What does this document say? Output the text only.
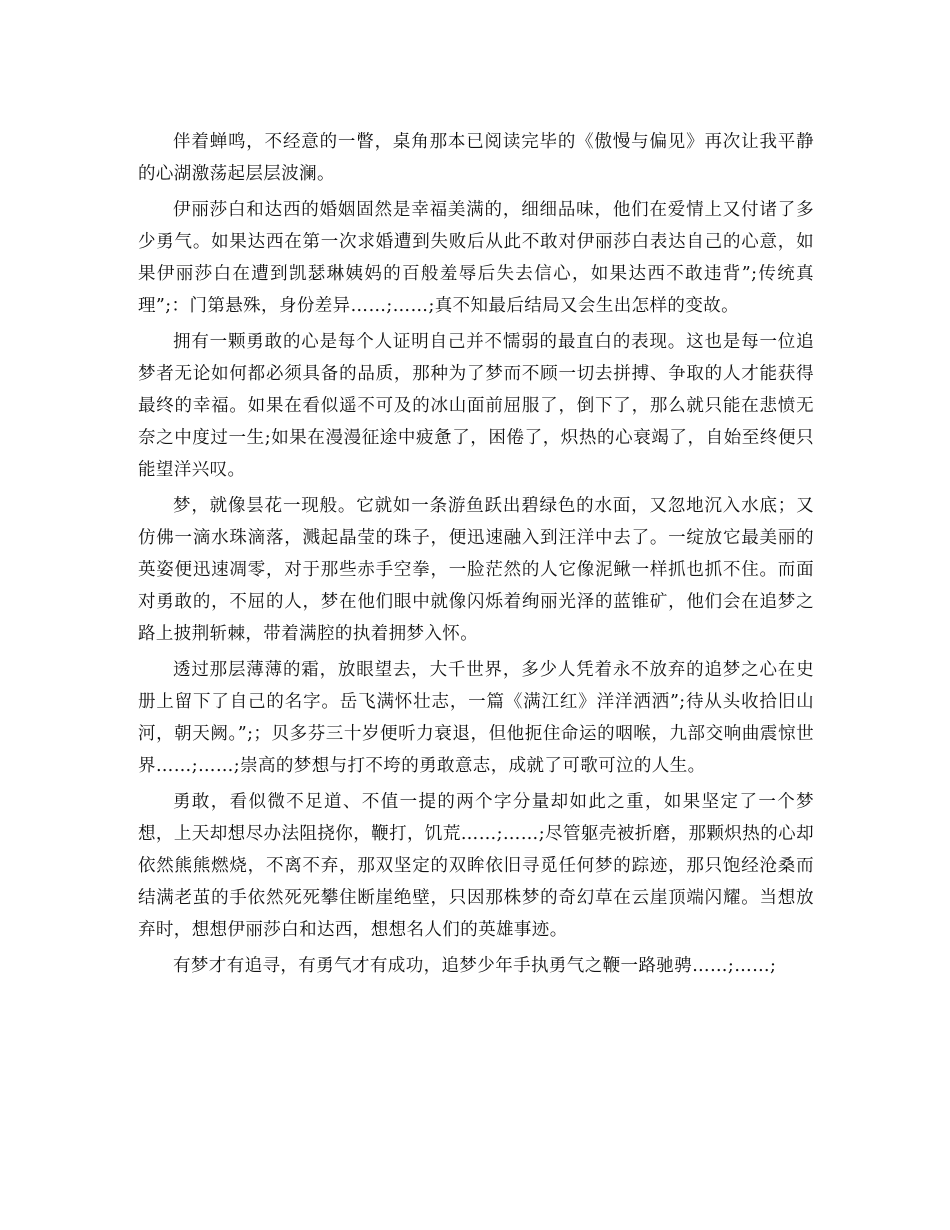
伴着蝉鸣，不经意的一瞥，桌角那本已阅读完毕的《傲慢与偏见》再次让我平静的心湖激荡起层层波澜。

伊丽莎白和达西的婚姻固然是幸福美满的，细细品味，他们在爱情上又付诸了多少勇气。如果达西在第一次求婚遭到失败后从此不敢对伊丽莎白表达自己的心意，如果伊丽莎白在遭到凯瑟琳姨妈的百般羞辱后失去信心，如果达西不敢违背”;传统真理”;：门第悬殊，身份差异……;……;真不知最后结局又会生出怎样的变故。

拥有一颗勇敢的心是每个人证明自己并不懦弱的最直白的表现。这也是每一位追梦者无论如何都必须具备的品质，那种为了梦而不顾一切去拼搏、争取的人才能获得最终的幸福。如果在看似遥不可及的冰山面前屈服了，倒下了，那么就只能在悲愤无奈之中度过一生;如果在漫漫征途中疲惫了，困倦了，炽热的心衰竭了，自始至终便只能望洋兴叹。

梦，就像昙花一现般。它就如一条游鱼跃出碧绿色的水面，又忽地沉入水底；又仿佛一滴水珠滴落，溅起晶莹的珠子，便迅速融入到汪洋中去了。一绽放它最美丽的英姿便迅速凋零，对于那些赤手空拳，一脸茫然的人它像泥鳅一样抓也抓不住。而面对勇敢的，不屈的人，梦在他们眼中就像闪烁着绚丽光泽的蓝锥矿，他们会在追梦之路上披荆斩棘，带着满腔的执着拥梦入怀。

透过那层薄薄的霜，放眼望去，大千世界，多少人凭着永不放弃的追梦之心在史册上留下了自己的名字。岳飞满怀壮志，一篇《满江红》洋洋洒洒”;待从头收拾旧山河，朝天阙。”;；贝多芬三十岁便听力衰退，但他扼住命运的咽喉，九部交响曲震惊世界……;……;崇高的梦想与打不垮的勇敢意志，成就了可歌可泣的人生。

勇敢，看似微不足道、不值一提的两个字分量却如此之重，如果坚定了一个梦想，上天却想尽办法阻挠你，鞭打，饥荒……;……;尽管躯壳被折磨，那颗炽热的心却依然熊熊燃烧，不离不弃，那双坚定的双眸依旧寻觅任何梦的踪迹，那只饱经沧桑而结满老茧的手依然死死攀住断崖绝壁，只因那株梦的奇幻草在云崖顶端闪耀。当想放弃时，想想伊丽莎白和达西，想想名人们的英雄事迹。

有梦才有追寻，有勇气才有成功，追梦少年手执勇气之鞭一路驰骋……;……;
